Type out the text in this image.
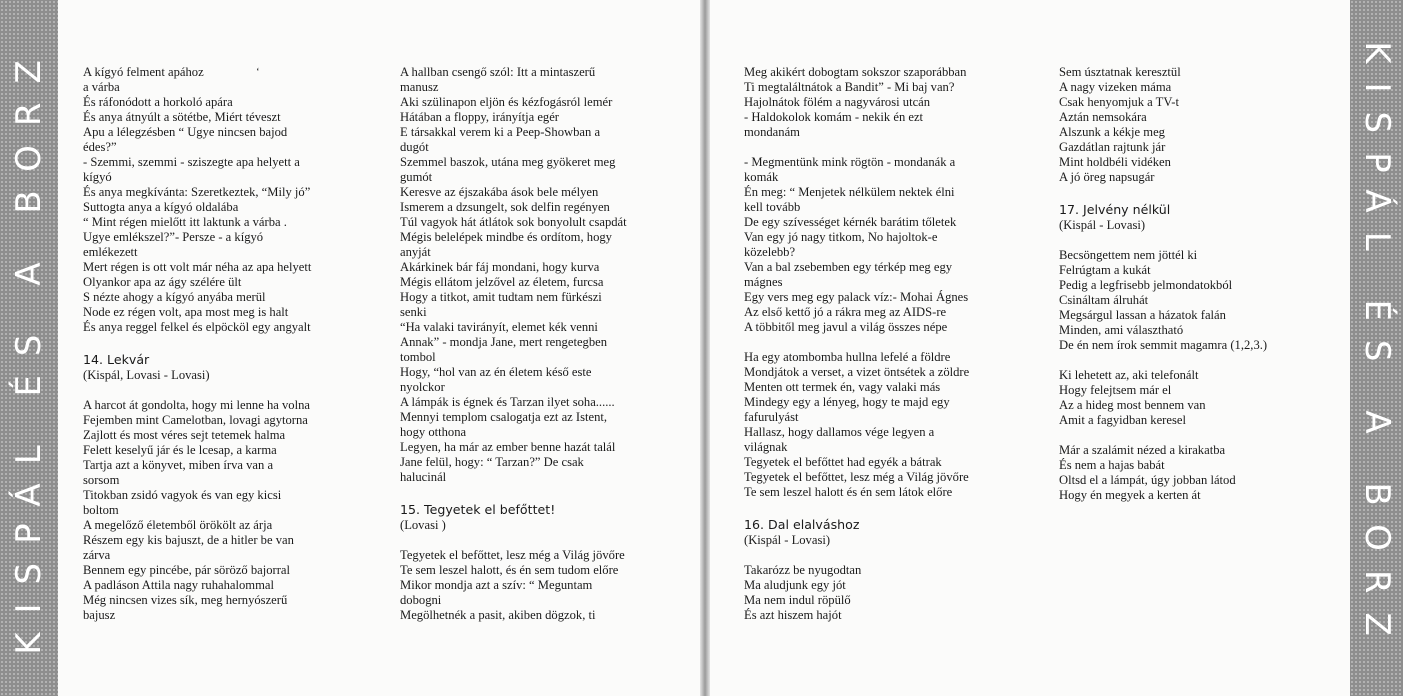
KISPÁL ÉS A BORZ	KISPÁL ÉS A BORZ
ʻ
A kígyó felment apához
a várba
És ráfonódott a horkoló apára
És anya átnyúlt a sötétbe, Miért téveszt
Apu a lélegzésben “ Ugye nincsen bajod
édes?”
- Szemmi, szemmi - sziszegte apa helyett a
kígyó
És anya megkívánta: Szeretkeztek, “Mily jó”
Suttogta anya a kígyó oldalába
“ Mint régen mielőtt itt laktunk a várba .
Ugye emlékszel?”- Persze - a kígyó
emlékezett
Mert régen is ott volt már néha az apa helyett
Olyankor apa az ágy szélére ült
S nézte ahogy a kígyó anyába merül
Node ez régen volt, apa most meg is halt
És anya reggel felkel és elpöcköl egy angyalt
14. Lekvár
(Kispál, Lovasi - Lovasi)
A harcot át gondolta, hogy mi lenne ha volna
Fejemben mint Camelotban, lovagi agytorna
Zajlott és most véres sejt tetemek halma
Felett keselyű jár és le lcesap, a karma
Tartja azt a könyvet, miben írva van a
sorsom
Titokban zsidó vagyok és van egy kicsi
boltom
A megelőző életemből örökölt az árja
Részem egy kis bajuszt, de a hitler be van
zárva
Bennem egy pincébe, pár söröző bajorral
A padláson Attila nagy ruhahalommal
Még nincsen vizes sík, meg hernyószerű
bajusz
A hallban csengő szól: Itt a mintaszerű
manusz
Aki szülinapon eljön és kézfogásról lemér
Hátában a floppy, irányítja egér
E társakkal verem ki a Peep-Showban a
dugót
Szemmel baszok, utána meg gyökeret meg
gumót
Keresve az éjszakába ások bele mélyen
Ismerem a dzsungelt, sok delfin regényen
Túl vagyok hát átlátok sok bonyolult csapdát
Mégis belelépek mindbe és ordítom, hogy
anyját
Akárkinek bár fáj mondani, hogy kurva
Mégis ellátom jelzővel az életem, furcsa
Hogy a titkot, amit tudtam nem fürkészi
senki
“Ha valaki tavirányít, elemet kék venni
Annak” - mondja Jane, mert rengetegben
tombol
Hogy, “hol van az én életem késő este
nyolckor
A lámpák is égnek és Tarzan ilyet soha......
Mennyi templom csalogatja ezt az Istent,
hogy otthona
Legyen, ha már az ember benne hazát talál
Jane felül, hogy: “ Tarzan?” De csak
halucinál
15. Tegyetek el befőttet!
(Lovasi )
Tegyetek el befőttet, lesz még a Világ jövőre
Te sem leszel halott, és én sem tudom előre
Mikor mondja azt a szív: “ Meguntam
dobogni
Megölhetnék a pasit, akiben dögzok, ti
Meg akikért dobogtam sokszor szaporábban
Ti megtaláltnátok a Bandit” - Mi baj van?
Hajolnátok fölém a nagyvárosi utcán
- Haldokolok komám - nekik én ezt
mondanám
- Megmentünk mink rögtön - mondanák a
komák
Én meg: “ Menjetek nélkülem nektek élni
kell tovább
De egy szívességet kérnék barátim tőletek
Van egy jó nagy titkom, No hajoltok-e
közelebb?
Van a bal zsebemben egy térkép meg egy
mágnes
Egy vers meg egy palack víz:- Mohai Ágnes
Az első kettő jó a rákra meg az AIDS-re
A többitől meg javul a világ összes népe
Ha egy atombomba hullna lefelé a földre
Mondjátok a verset, a vizet öntsétek a zöldre
Menten ott termek én, vagy valaki más
Mindegy egy a lényeg, hogy te majd egy
fafurulyást
Hallasz, hogy dallamos vége legyen a
világnak
Tegyetek el befőttet had egyék a bátrak
Tegyetek el befőttet, lesz még a Világ jövőre
Te sem leszel halott és én sem látok előre
16. Dal elalváshoz
(Kispál - Lovasi)
Takarózz be nyugodtan
Ma aludjunk egy jót
Ma nem indul röpülő
És azt hiszem hajót
Sem úsztatnak keresztül
A nagy vizeken máma
Csak henyomjuk a TV-t
Aztán nemsokára
Alszunk a kékje meg
Gazdátlan rajtunk jár
Mint holdbéli vidéken
A jó öreg napsugár
17. Jelvény nélkül
(Kispál - Lovasi)
Becsöngettem nem jöttél ki
Felrúgtam a kukát
Pedig a legfrisebb jelmondatokból
Csináltam álruhát
Megsárgul lassan a házatok falán
Minden, ami választható
De én nem írok semmit magamra (1,2,3.)
Ki lehetett az, aki telefonált
Hogy felejtsem már el
Az a hideg most bennem van
Amit a fagyidban keresel
Már a szalámit nézed a kirakatba
És nem a hajas babát
Oltsd el a lámpát, úgy jobban látod
Hogy én megyek a kerten át
